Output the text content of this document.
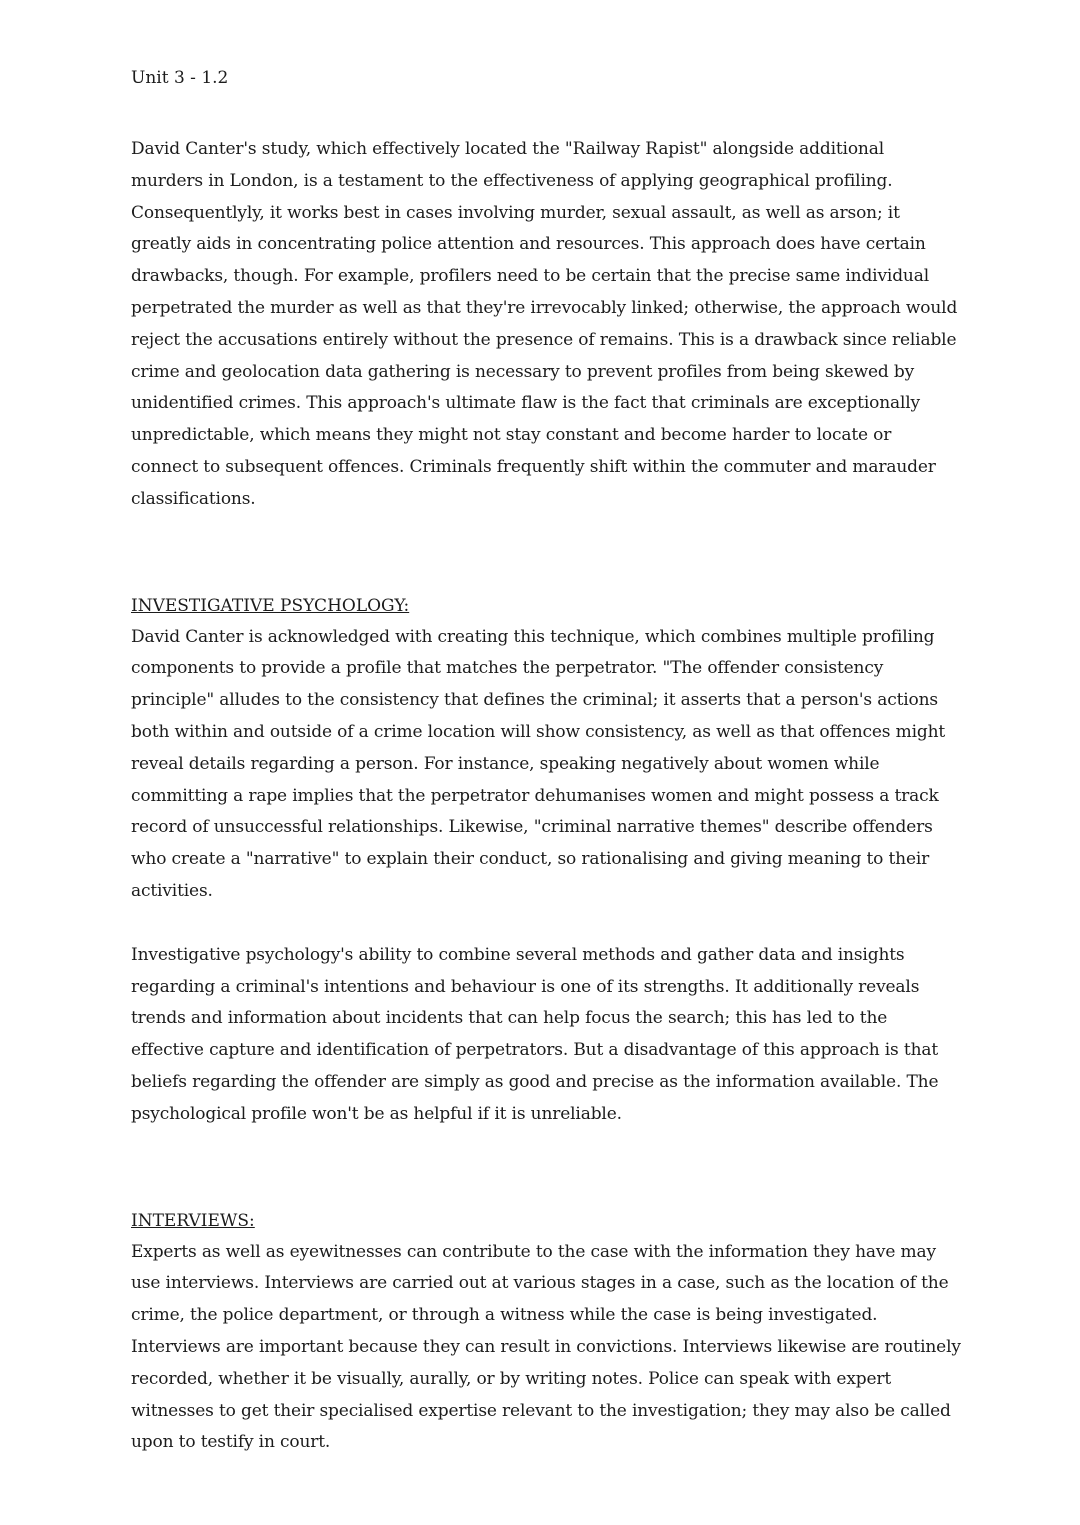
Unit 3 - 1.2

David Canter's study, which effectively located the "Railway Rapist" alongside additional murders in London, is a testament to the effectiveness of applying geographical profiling. Consequentlyly, it works best in cases involving murder, sexual assault, as well as arson; it greatly aids in concentrating police attention and resources. This approach does have certain drawbacks, though. For example, profilers need to be certain that the precise same individual perpetrated the murder as well as that they're irrevocably linked; otherwise, the approach would reject the accusations entirely without the presence of remains. This is a drawback since reliable crime and geolocation data gathering is necessary to prevent profiles from being skewed by unidentified crimes. This approach's ultimate flaw is the fact that criminals are exceptionally unpredictable, which means they might not stay constant and become harder to locate or connect to subsequent offences. Criminals frequently shift within the commuter and marauder classifications.

INVESTIGATIVE PSYCHOLOGY:

David Canter is acknowledged with creating this technique, which combines multiple profiling components to provide a profile that matches the perpetrator. "The offender consistency principle" alludes to the consistency that defines the criminal; it asserts that a person's actions both within and outside of a crime location will show consistency, as well as that offences might reveal details regarding a person. For instance, speaking negatively about women while committing a rape implies that the perpetrator dehumanises women and might possess a track record of unsuccessful relationships. Likewise, "criminal narrative themes" describe offenders who create a "narrative" to explain their conduct, so rationalising and giving meaning to their activities.

Investigative psychology's ability to combine several methods and gather data and insights regarding a criminal's intentions and behaviour is one of its strengths. It additionally reveals trends and information about incidents that can help focus the search; this has led to the effective capture and identification of perpetrators. But a disadvantage of this approach is that beliefs regarding the offender are simply as good and precise as the information available. The psychological profile won't be as helpful if it is unreliable.

INTERVIEWS:

Experts as well as eyewitnesses can contribute to the case with the information they have may use interviews. Interviews are carried out at various stages in a case, such as the location of the crime, the police department, or through a witness while the case is being investigated. Interviews are important because they can result in convictions. Interviews likewise are routinely recorded, whether it be visually, aurally, or by writing notes. Police can speak with expert witnesses to get their specialised expertise relevant to the investigation; they may also be called upon to testify in court.
